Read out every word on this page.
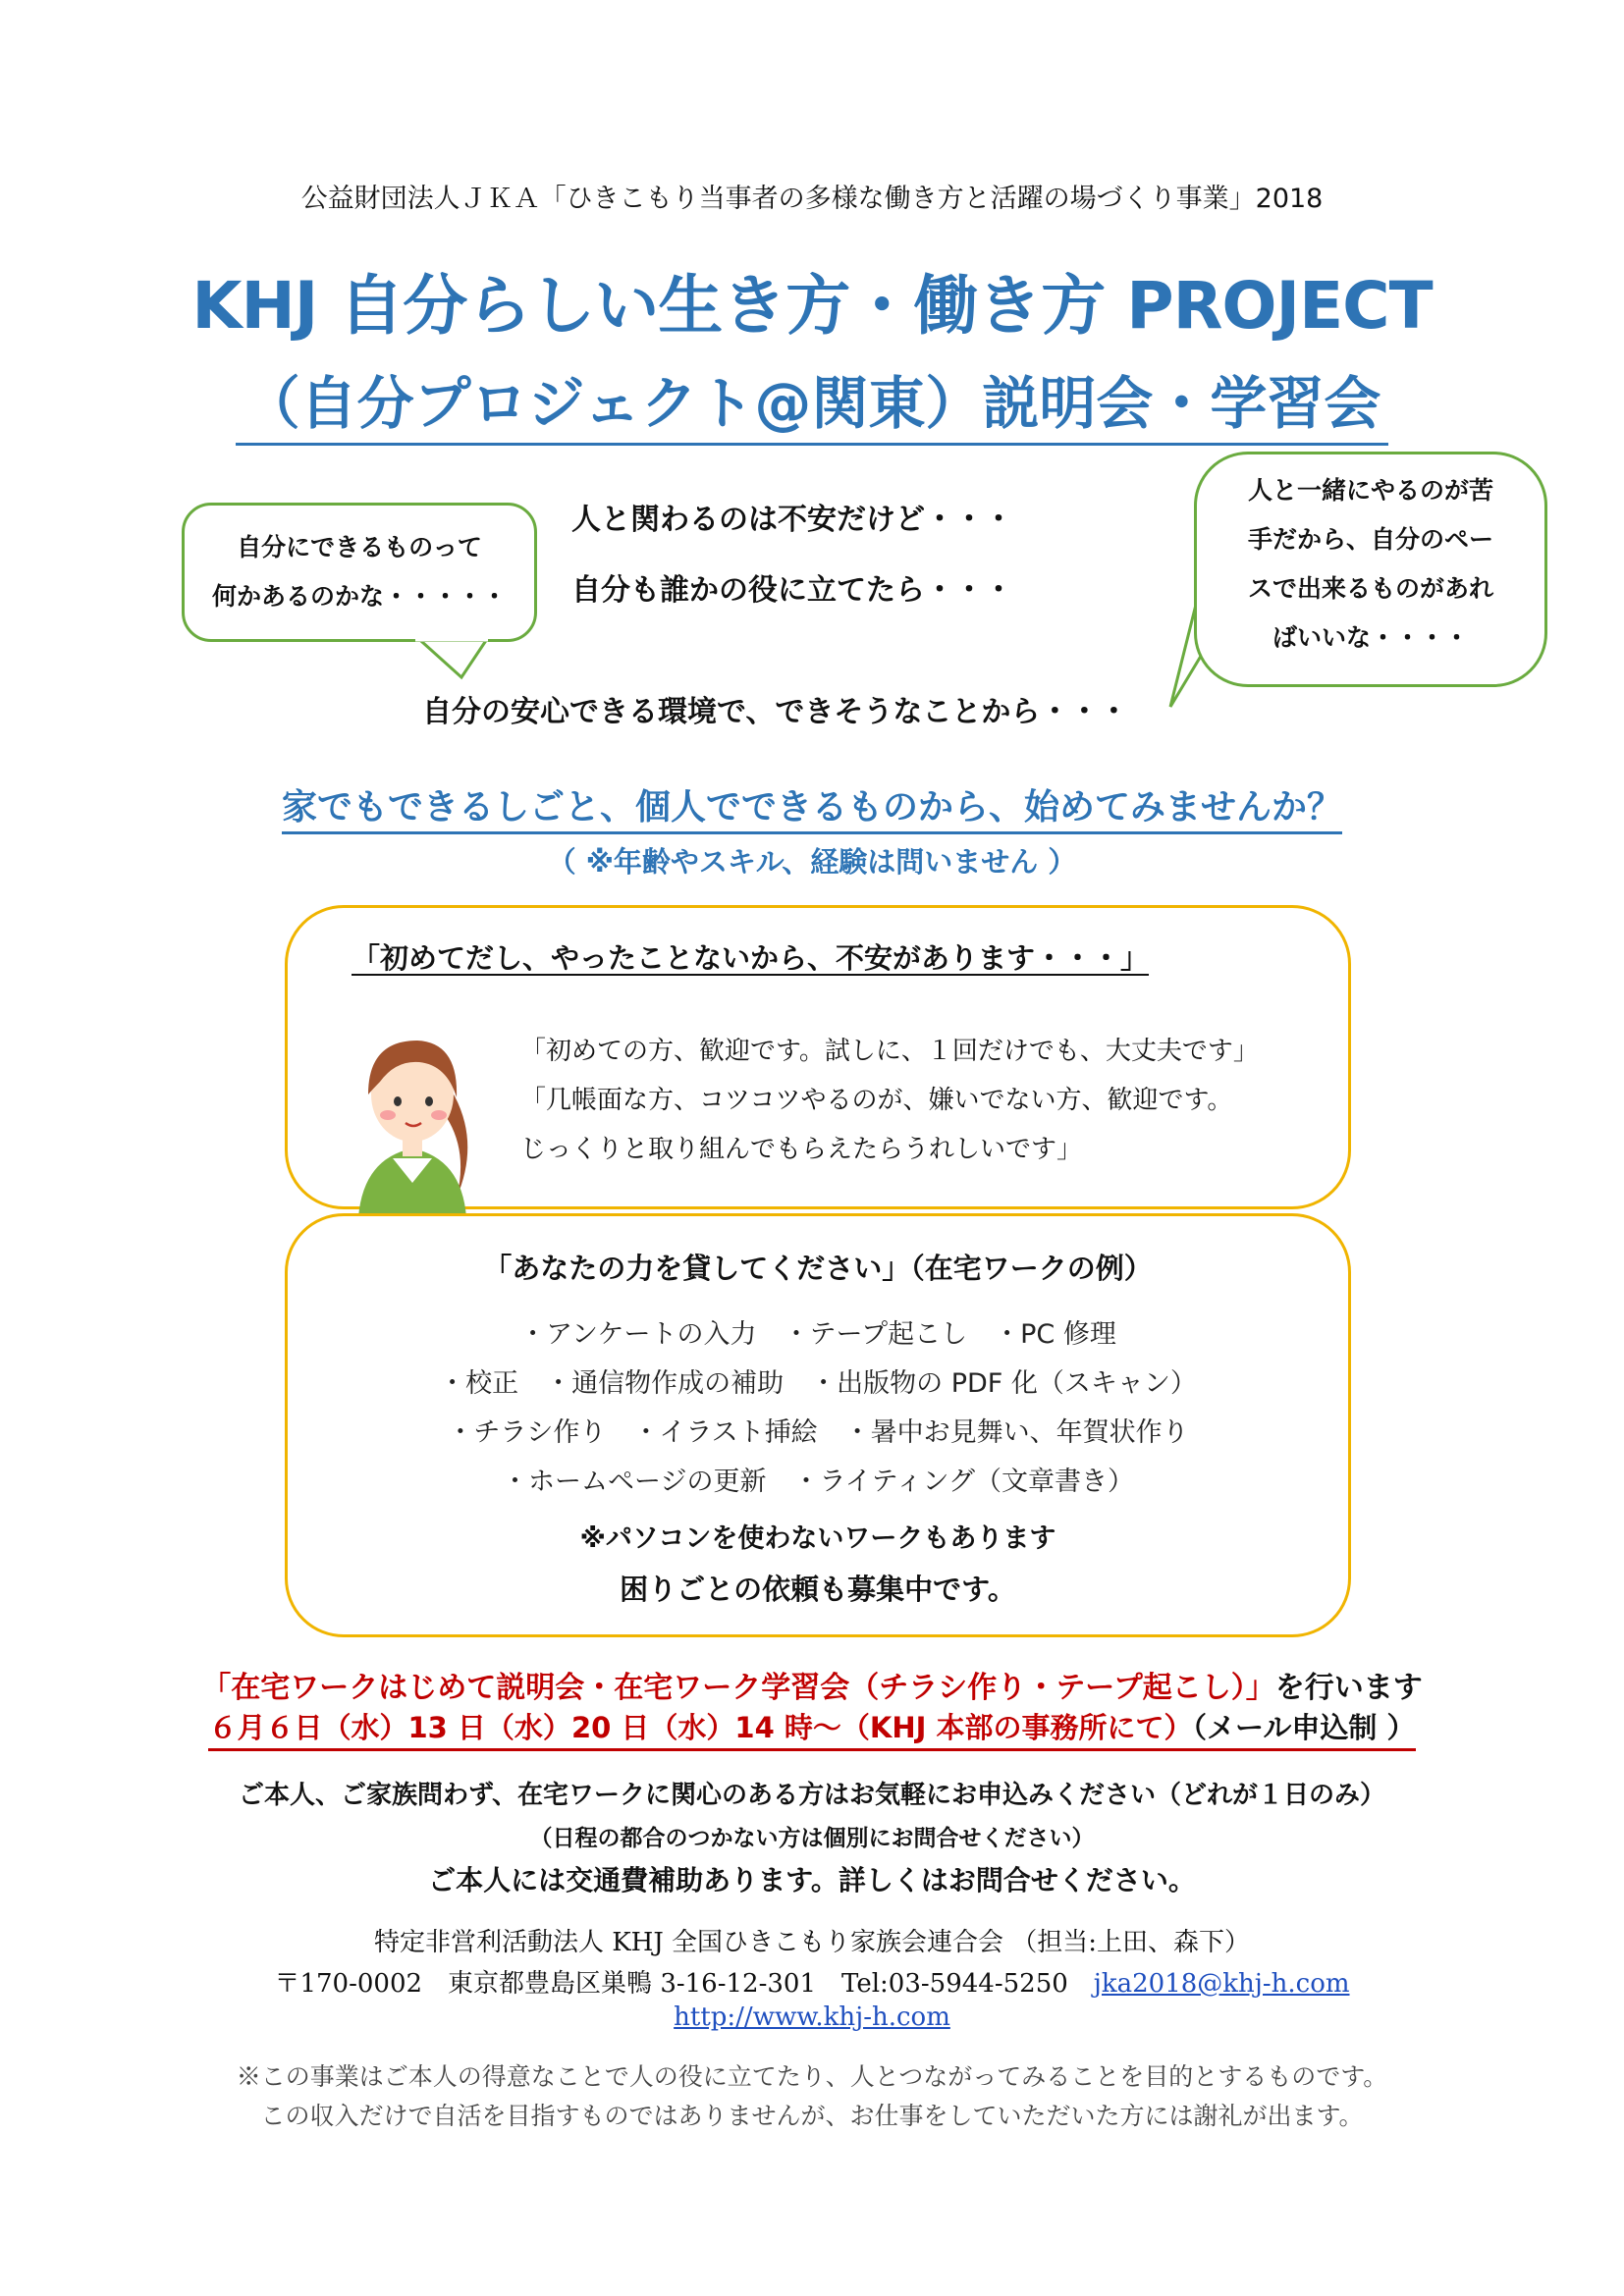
公益財団法人ＪＫＡ「ひきこもり当事者の多様な働き方と活躍の場づくり事業」2018
KHJ 自分らしい生き方・働き方 PROJECT
（自分プロジェクト@関東）説明会・学習会
自分にできるものって
何かあるのかな・・・・・
人と一緒にやるのが苦
手だから、自分のペー
スで出来るものがあれ
ばいいな・・・・
人と関わるのは不安だけど・・・
自分も誰かの役に立てたら・・・
自分の安心できる環境で、できそうなことから・・・
家でもできるしごと、個人でできるものから、始めてみませんか？
（ ※年齢やスキル、経験は問いません ）
「初めてだし、やったことないから、不安があります・・・」
「初めての方、歓迎です。試しに、１回だけでも、大丈夫です」
「几帳面な方、コツコツやるのが、嫌いでない方、歓迎です。
じっくりと取り組んでもらえたらうれしいです」
「あなたの力を貸してください」（在宅ワークの例）
・アンケートの入力　・テープ起こし　・PC 修理
・校正　・通信物作成の補助　・出版物の PDF 化（スキャン）
・チラシ作り　・イラスト挿絵　・暑中お見舞い、年賀状作り
・ホームページの更新　・ライティング（文章書き）
※パソコンを使わないワークもあります
困りごとの依頼も募集中です。
「在宅ワークはじめて説明会・在宅ワーク学習会（チラシ作り・テープ起こし）」を行います
６月６日（水）13 日（水）20 日（水）14 時～（KHJ 本部の事務所にて）（メール申込制 ）
ご本人、ご家族問わず、在宅ワークに関心のある方はお気軽にお申込みください（どれが１日のみ）
（日程の都合のつかない方は個別にお問合せください）
ご本人には交通費補助あります。詳しくはお問合せください。
特定非営利活動法人 KHJ 全国ひきこもり家族会連合会 （担当:上田、森下）
〒170-0002　東京都豊島区巣鴨 3-16-12-301　Tel:03-5944-5250　 jka2018@khj-h.com
http://www.khj-h.com
※この事業はご本人の得意なことで人の役に立てたり、人とつながってみることを目的とするものです。
この収入だけで自活を目指すものではありませんが、お仕事をしていただいた方には謝礼が出ます。
